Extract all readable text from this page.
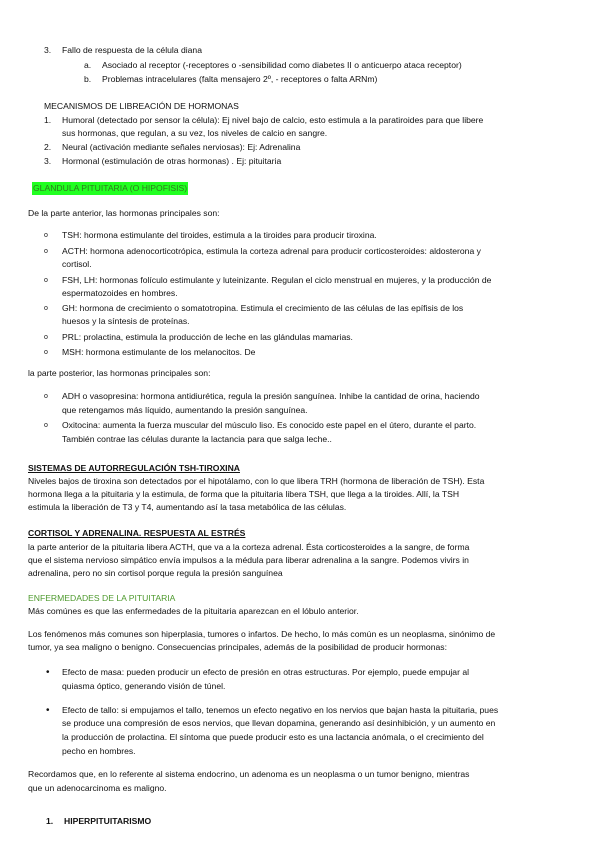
3. Fallo de respuesta de la célula diana
a. Asociado al receptor (-receptores o -sensibilidad como diabetes II o anticuerpo ataca receptor)
b. Problemas intracelulares (falta mensajero 2º, - receptores o falta ARNm)
MECANISMOS DE LIBREACIÓN DE HORMONAS
1. Humoral (detectado por sensor la célula): Ej nivel bajo de calcio, esto estimula a la paratiroides para que libere
sus hormonas, que regulan, a su vez, los niveles de calcio en sangre.
2. Neural (activación mediante señales nerviosas): Ej: Adrenalina
3. Hormonal (estimulación de otras hormonas) . Ej: pituitaria
GLANDULA PITUITARIA (O HIPOFISIS)
De la parte anterior, las hormonas principales son:
o TSH: hormona estimulante del tiroides, estimula a la tiroides para producir tiroxina.
o ACTH: hormona adenocorticotrópica, estimula la corteza adrenal para producir corticosteroides: aldosterona y
cortisol.
o FSH, LH: hormonas folículo estimulante y luteinizante. Regulan el ciclo menstrual en mujeres, y la producción de
espermatozoides en hombres.
o GH: hormona de crecimiento o somatotropina. Estimula el crecimiento de las células de las epífisis de los
huesos y la síntesis de proteínas.
o PRL: prolactina, estimula la producción de leche en las glándulas mamarias.
o MSH: hormona estimulante de los melanocitos. De
la parte posterior, las hormonas principales son:
o ADH o vasopresina: hormona antidiurética, regula la presión sanguínea. Inhibe la cantidad de orina, haciendo
que retengamos más líquido, aumentando la presión sanguínea.
o Oxitocina: aumenta la fuerza muscular del músculo liso. Es conocido este papel en el útero, durante el parto.
También contrae las células durante la lactancia para que salga leche..
SISTEMAS DE AUTORREGULACIÓN TSH-TIROXINA
Niveles bajos de tiroxina son detectados por el hipotálamo, con lo que libera TRH (hormona de liberación de TSH). Esta
hormona llega a la pituitaria y la estimula, de forma que la pituitaria libera TSH, que llega a la tiroides. Allí, la TSH
estimula la liberación de T3 y T4, aumentando así la tasa metabólica de las células.
CORTISOL Y ADRENALINA. RESPUESTA AL ESTRÉS
la parte anterior de la pituitaria libera ACTH, que va a la corteza adrenal. Ésta corticosteroides a la sangre, de forma
que el sistema nervioso simpático envía impulsos a la médula para liberar adrenalina a la sangre. Podemos vivirs in
adrenalina, pero no sin cortisol porque regula la presión sanguínea
ENFERMEDADES DE LA PITUITARIA
Más comúnes es que las enfermedades de la pituitaria aparezcan en el lóbulo anterior.
Los fenómenos más comunes son hiperplasia, tumores o infartos. De hecho, lo más común es un neoplasma, sinónimo de
tumor, ya sea maligno o benigno. Consecuencias principales, además de la posibilidad de producir hormonas:
• Efecto de masa: pueden producir un efecto de presión en otras estructuras. Por ejemplo, puede empujar al
quiasma óptico, generando visión de túnel.
• Efecto de tallo: si empujamos el tallo, tenemos un efecto negativo en los nervios que bajan hasta la pituitaria, pues
se produce una compresión de esos nervios, que llevan dopamina, generando así desinhibición, y un aumento en
la producción de prolactina. El síntoma que puede producir esto es una lactancia anómala, o el crecimiento del
pecho en hombres.
Recordamos que, en lo referente al sistema endocrino, un adenoma es un neoplasma o un tumor benigno, mientras
que un adenocarcinoma es maligno.
1. HIPERPITUITARISMO
